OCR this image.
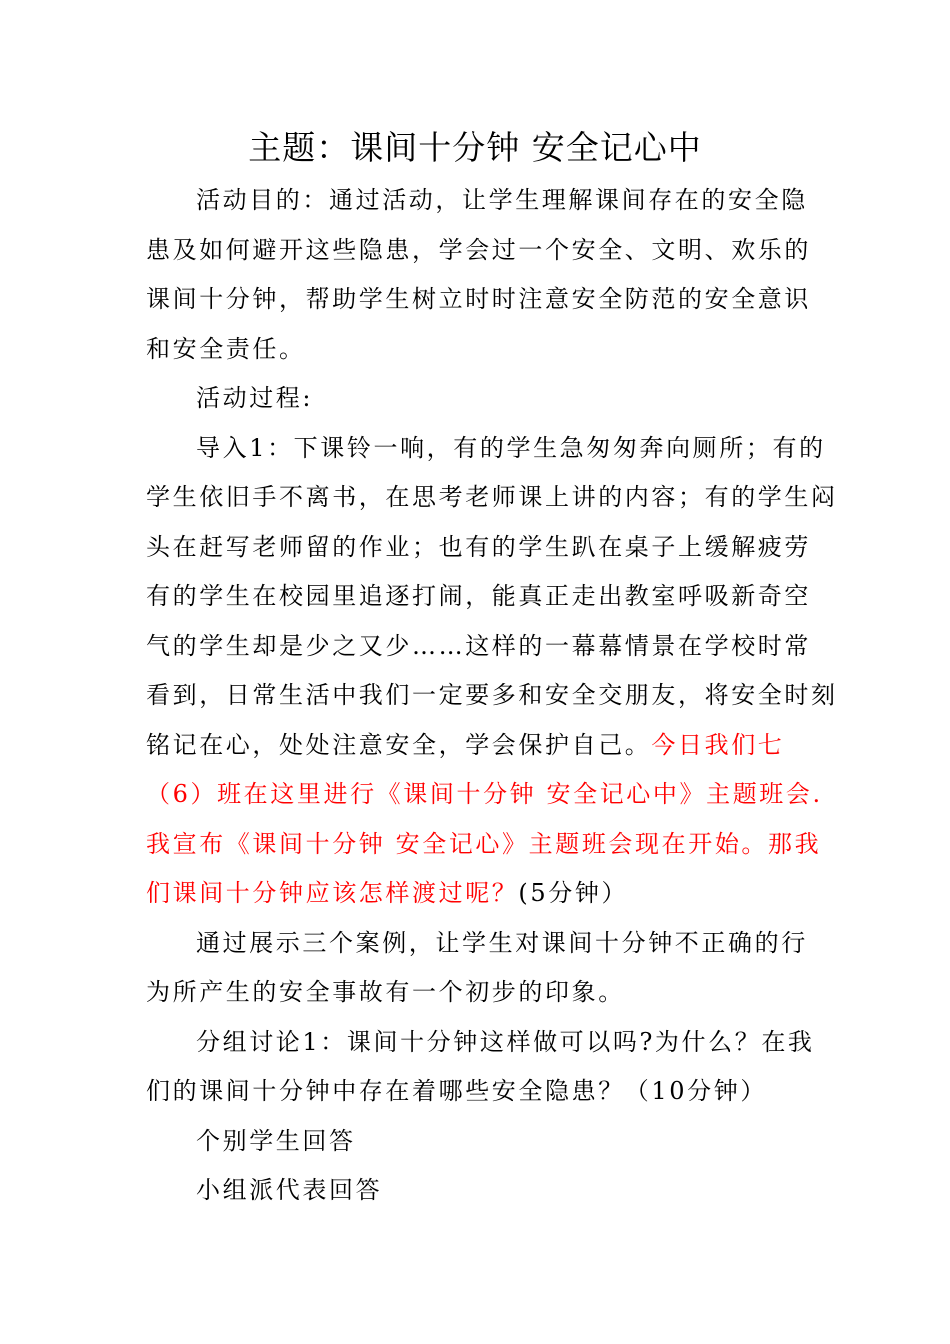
主题：课间十分钟 安全记心中
活动目的：通过活动，让学生理解课间存在的安全隐
患及如何避开这些隐患，学会过一个安全、文明、欢乐的
课间十分钟，帮助学生树立时时注意安全防范的安全意识
和安全责任。
活动过程:
导入1：下课铃一响，有的学生急匆匆奔向厕所；有的
学生依旧手不离书，在思考老师课上讲的内容；有的学生闷
头在赶写老师留的作业；也有的学生趴在桌子上缓解疲劳
有的学生在校园里追逐打闹，能真正走出教室呼吸新奇空
气的学生却是少之又少……这样的一幕幕情景在学校时常
看到，日常生活中我们一定要多和安全交朋友，将安全时刻
铭记在心，处处注意安全，学会保护自己。今日我们七
（6）班在这里进行《课间十分钟 安全记心中》主题班会.
我宣布《课间十分钟 安全记心》主题班会现在开始。那我
们课间十分钟应该怎样渡过呢？(5分钟）
通过展示三个案例，让学生对课间十分钟不正确的行
为所产生的安全事故有一个初步的印象。
分组讨论1：课间十分钟这样做可以吗?为什么？在我
们的课间十分钟中存在着哪些安全隐患？（10分钟）
个别学生回答
小组派代表回答
